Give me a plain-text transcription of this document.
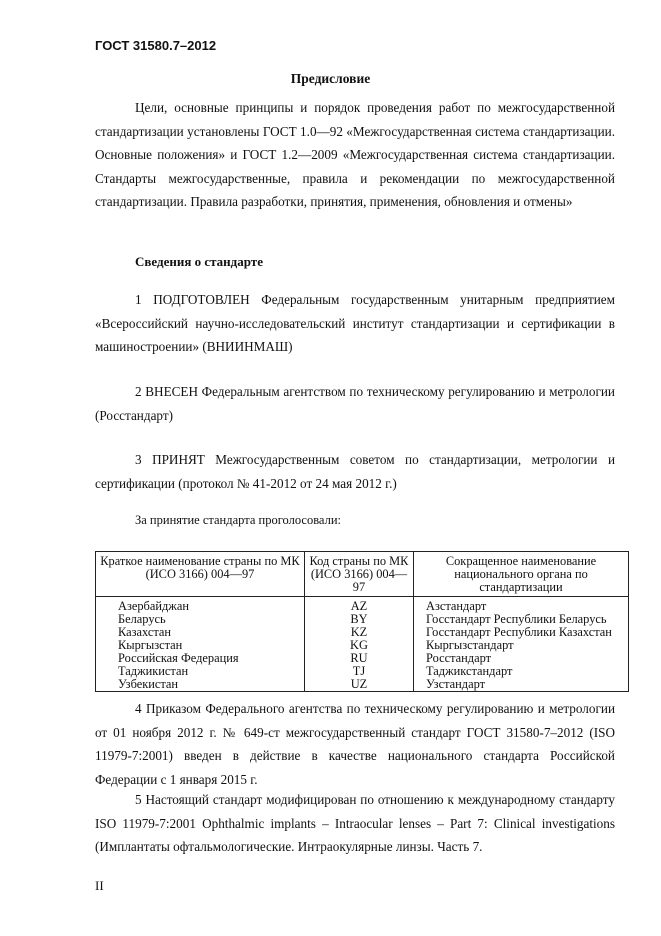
ГОСТ 31580.7–2012
Предисловие
Цели, основные принципы и порядок проведения работ по межгосударственной стандартизации установлены ГОСТ 1.0—92 «Межгосударственная система стандартизации. Основные положения» и ГОСТ 1.2—2009 «Межгосударственная система стандартизации. Стандарты межгосударственные, правила и рекомендации по межгосударственной стандартизации. Правила разработки, принятия, применения, обновления и отмены»
Сведения о стандарте
1 ПОДГОТОВЛЕН Федеральным государственным унитарным предприятием «Всероссийский научно-исследовательский институт стандартизации и сертификации в машиностроении» (ВНИИНМАШ)
2 ВНЕСЕН Федеральным агентством по техническому регулированию и метрологии (Росстандарт)
3 ПРИНЯТ Межгосударственным советом по стандартизации, метрологии и сертификации (протокол № 41-2012 от 24 мая 2012 г.)
За принятие стандарта проголосовали:
Краткое наименование страны по МК (ИСО 3166) 004—97	Код страны по МК (ИСО 3166) 004—97	Сокращенное наименование национального органа по стандартизации
Азербайджан	AZ	Азстандарт
Беларусь	BY	Госстандарт Республики Беларусь
Казахстан	KZ	Госстандарт Республики Казахстан
Кыргызстан	KG	Кыргызстандарт
Российская Федерация	RU	Росстандарт
Таджикистан	TJ	Таджикстандарт
Узбекистан	UZ	Узстандарт
4 Приказом Федерального агентства по техническому регулированию и метрологии от 01 ноября 2012 г. № 649-ст межгосударственный стандарт ГОСТ 31580-7–2012 (ISO 11979-7:2001) введен в действие в качестве национального стандарта Российской Федерации с 1 января 2015 г.
5 Настоящий стандарт модифицирован по отношению к международному стандарту ISO 11979-7:2001 Ophthalmic implants – Intraocular lenses – Part 7: Clinical investigations (Имплантаты офтальмологические. Интраокулярные линзы. Часть 7.
II
